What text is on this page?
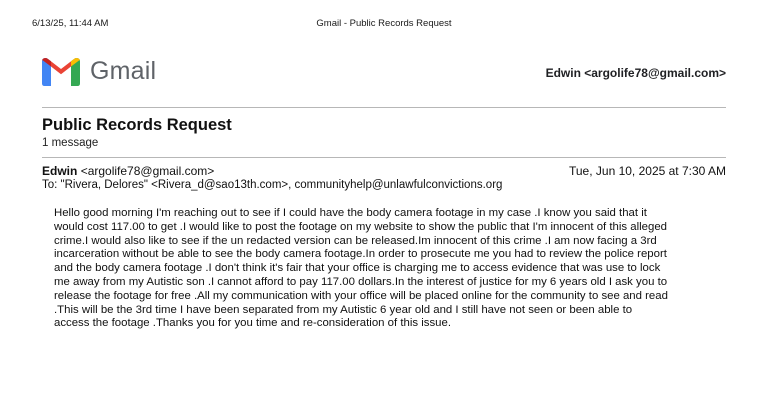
6/13/25, 11:44 AM	Gmail - Public Records Request
Gmail	Edwin <argolife78@gmail.com>
Public Records Request
1 message
Edwin <argolife78@gmail.com>	Tue, Jun 10, 2025 at 7:30 AM
To: "Rivera, Delores" <Rivera_d@sao13th.com>, communityhelp@unlawfulconvictions.org
Hello good morning I'm reaching out to see if I could have the body camera footage in my case .I know you said that it
would cost 117.00 to get .I would like to post the footage on my website to show the public that I'm innocent of this alleged
crime.I would also like to see if the un redacted version can be released.Im innocent of this crime .I am now facing a 3rd
incarceration without be able to see the body camera footage.In order to prosecute me you had to review the police report
and the body camera footage .I don't think it's fair that your office is charging me to access evidence that was use to lock
me away from my Autistic son .I cannot afford to pay 117.00 dollars.In the interest of justice for my 6 years old I ask you to
release the footage for free .All my communication with your office will be placed online for the community to see and read
.This will be the 3rd time I have been separated from my Autistic 6 year old and I still have not seen or been able to
access the footage .Thanks you for you time and re-consideration of this issue.
